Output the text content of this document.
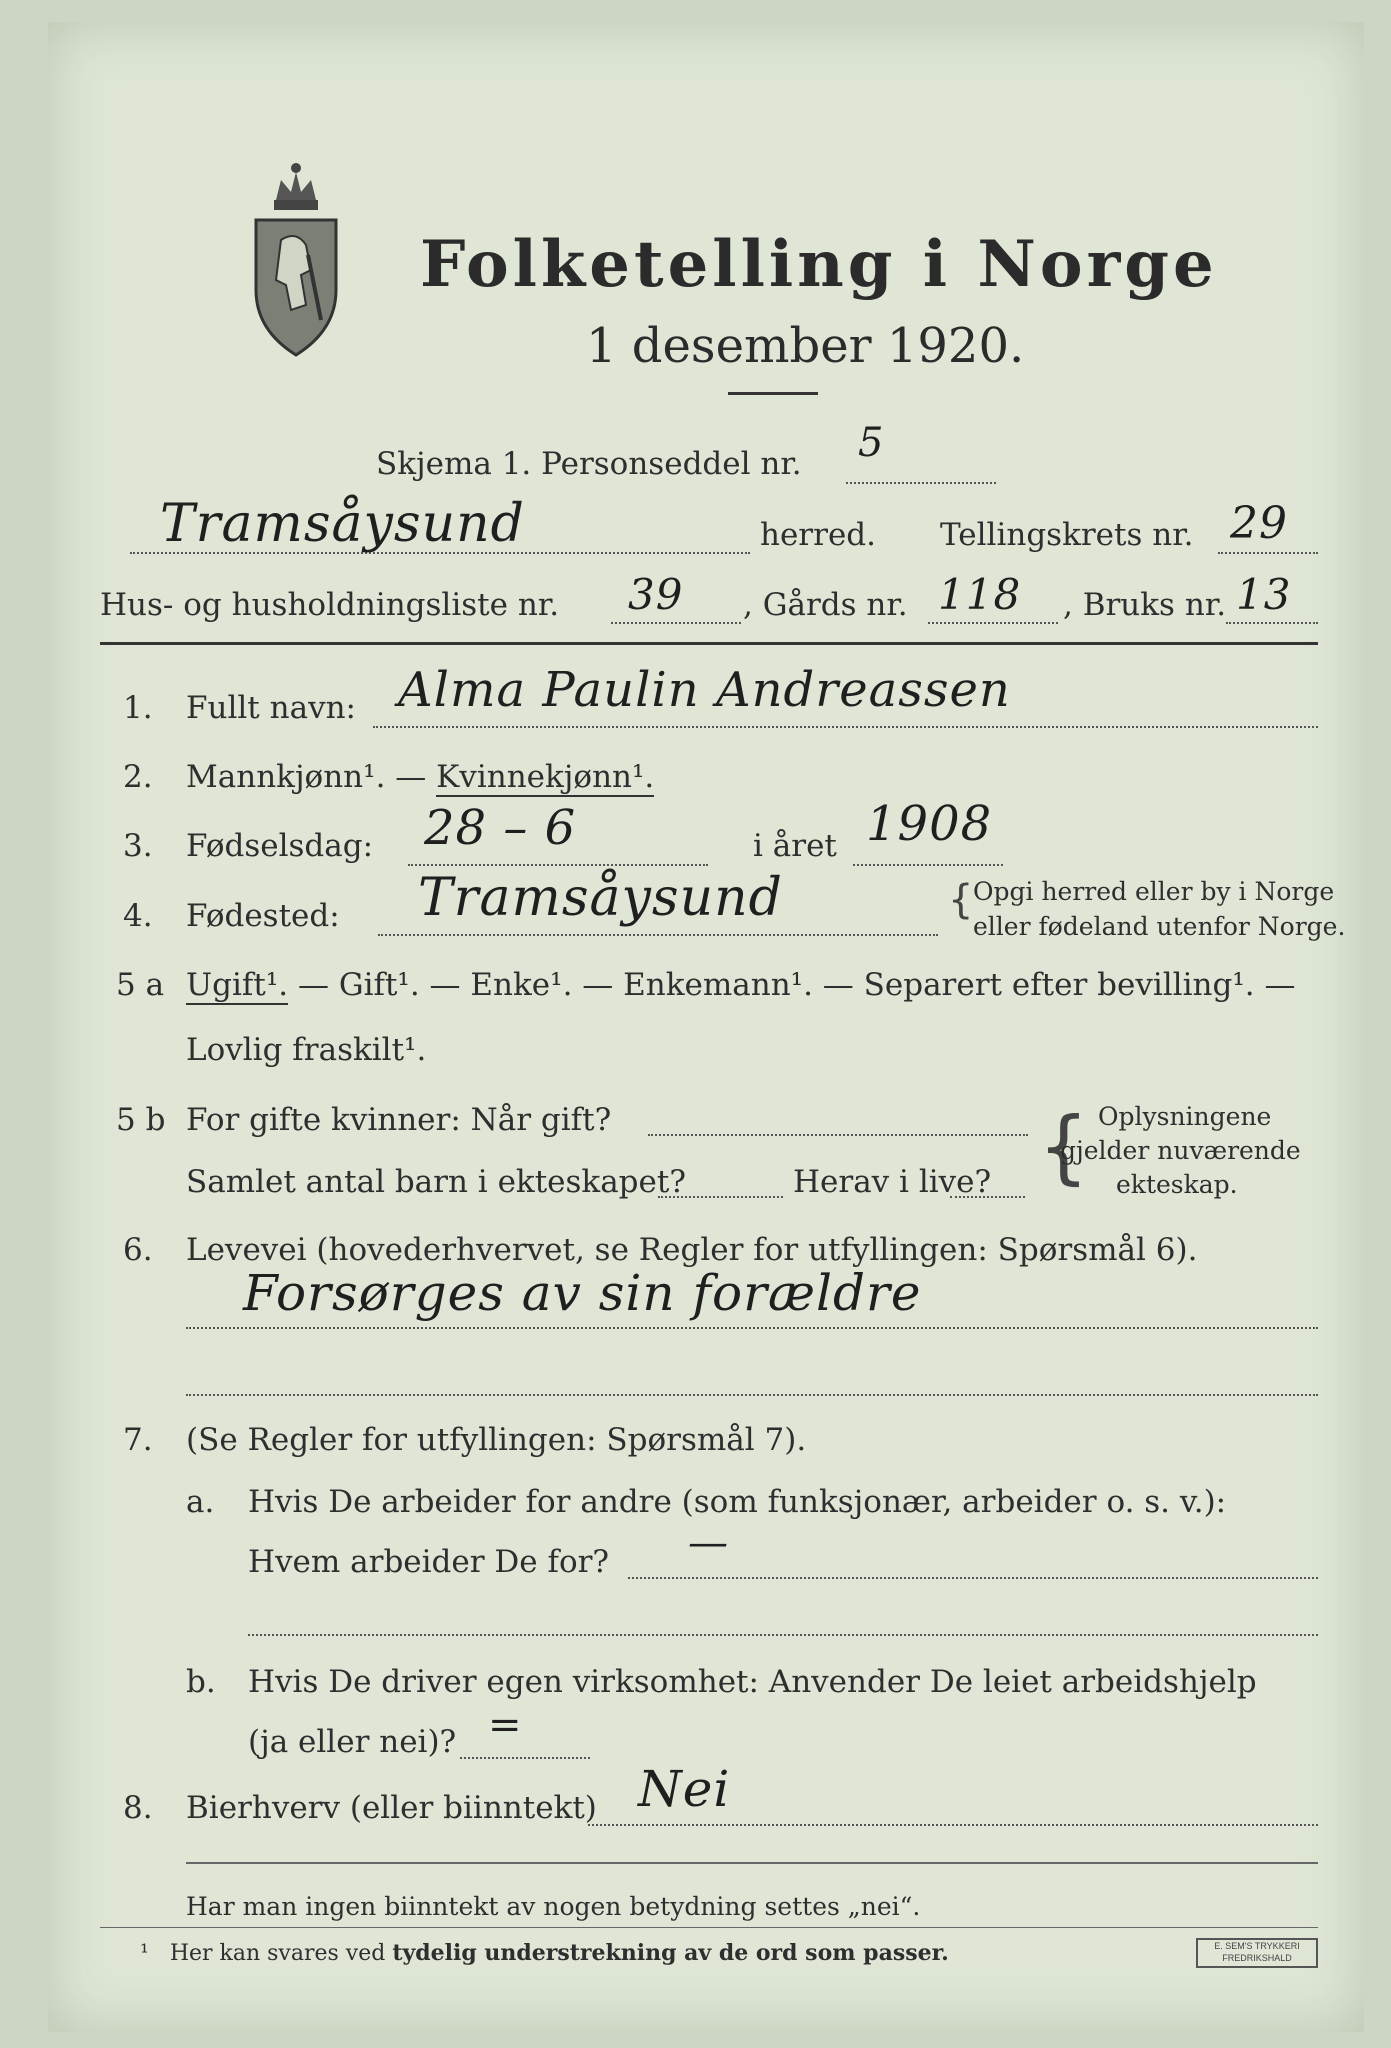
Folketelling i Norge
1 desember 1920.
Skjema 1. Personseddel nr. 5
Tramsåysund	herred. Tellingskrets nr. 29
Hus- og husholdningsliste nr. 39 , Gårds nr. 118 , Bruks nr. 13
1. Fullt navn: Alma Paulin Andreassen
2. Mannkjønn¹. — Kvinnekjønn¹.
3. Fødselsdag: 28 – 6	i året 1908
4. Fødested: Tramsåysund	{ Opgi herred eller by i Norge
eller fødeland utenfor Norge.
5 a Ugift¹. — Gift¹. — Enke¹. — Enkemann¹. — Separert efter bevilling¹. —
Lovlig fraskilt¹.
5 b For gifte kvinner: Når gift?
Samlet antal barn i ekteskapet?	Herav i live? { Oplysningene
gjelder nuværende
ekteskap.
6. Levevei (hovederhvervet, se Regler for utfyllingen: Spørsmål 6).
Forsørges av sin forældre
7. (Se Regler for utfyllingen: Spørsmål 7).
a. Hvis De arbeider for andre (som funksjonær, arbeider o. s. v.):
Hvem arbeider De for? —
b. Hvis De driver egen virksomhet: Anvender De leiet arbeidshjelp
(ja eller nei)? =
8. Bierhverv (eller biinntekt) Nei
Har man ingen biinntekt av nogen betydning settes „nei“.
¹ Her kan svares ved tydelig understrekning av de ord som passer.	E. SEM'S TRYKKERI FREDRIKSHALD
